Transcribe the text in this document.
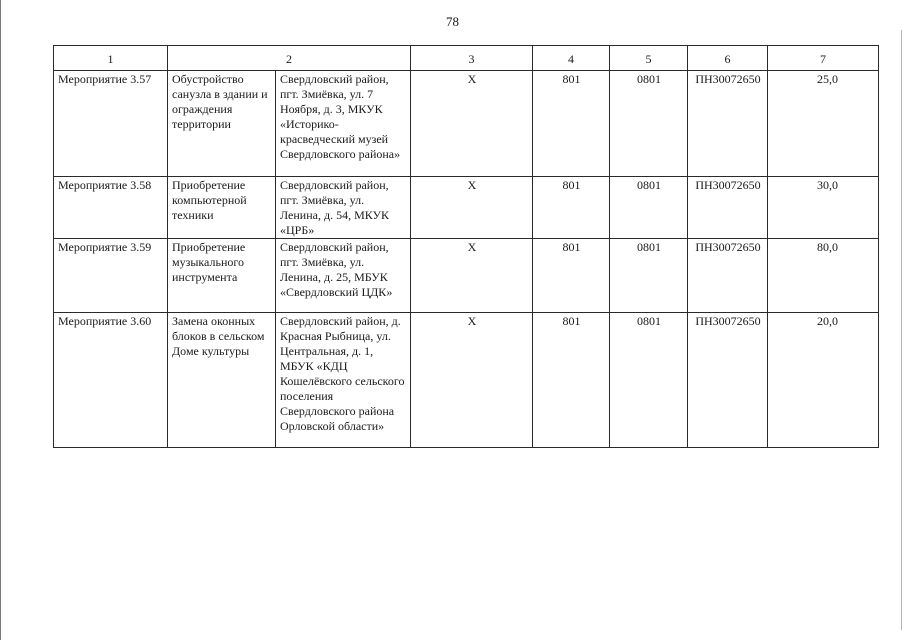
78
1	2		3	4	5	6	7
Мероприятие 3.57	Обустройство санузла в здании и ограждения территории	Свердловский район, пгт. Змиёвка, ул. 7 Ноября, д. 3, МКУК «Историко-красведческий музей Свердловского района»	Х	801	0801	ПН30072650	25,0
Мероприятие 3.58	Приобретение компьютерной техники	Свердловский район, пгт. Змиёвка, ул. Ленина, д. 54, МКУК «ЦРБ»	Х	801	0801	ПН30072650	30,0
Мероприятие 3.59	Приобретение музыкального инструмента	Свердловский район, пгт. Змиёвка, ул. Ленина, д. 25, МБУК «Свердловский ЦДК»	Х	801	0801	ПН30072650	80,0
Мероприятие 3.60	Замена оконных блоков в сельском Доме культуры	Свердловский район, д. Красная Рыбница, ул. Центральная, д. 1, МБУК «КДЦ Кошелёвского сельского поселения Свердловского района Орловской области»	Х	801	0801	ПН30072650	20,0
